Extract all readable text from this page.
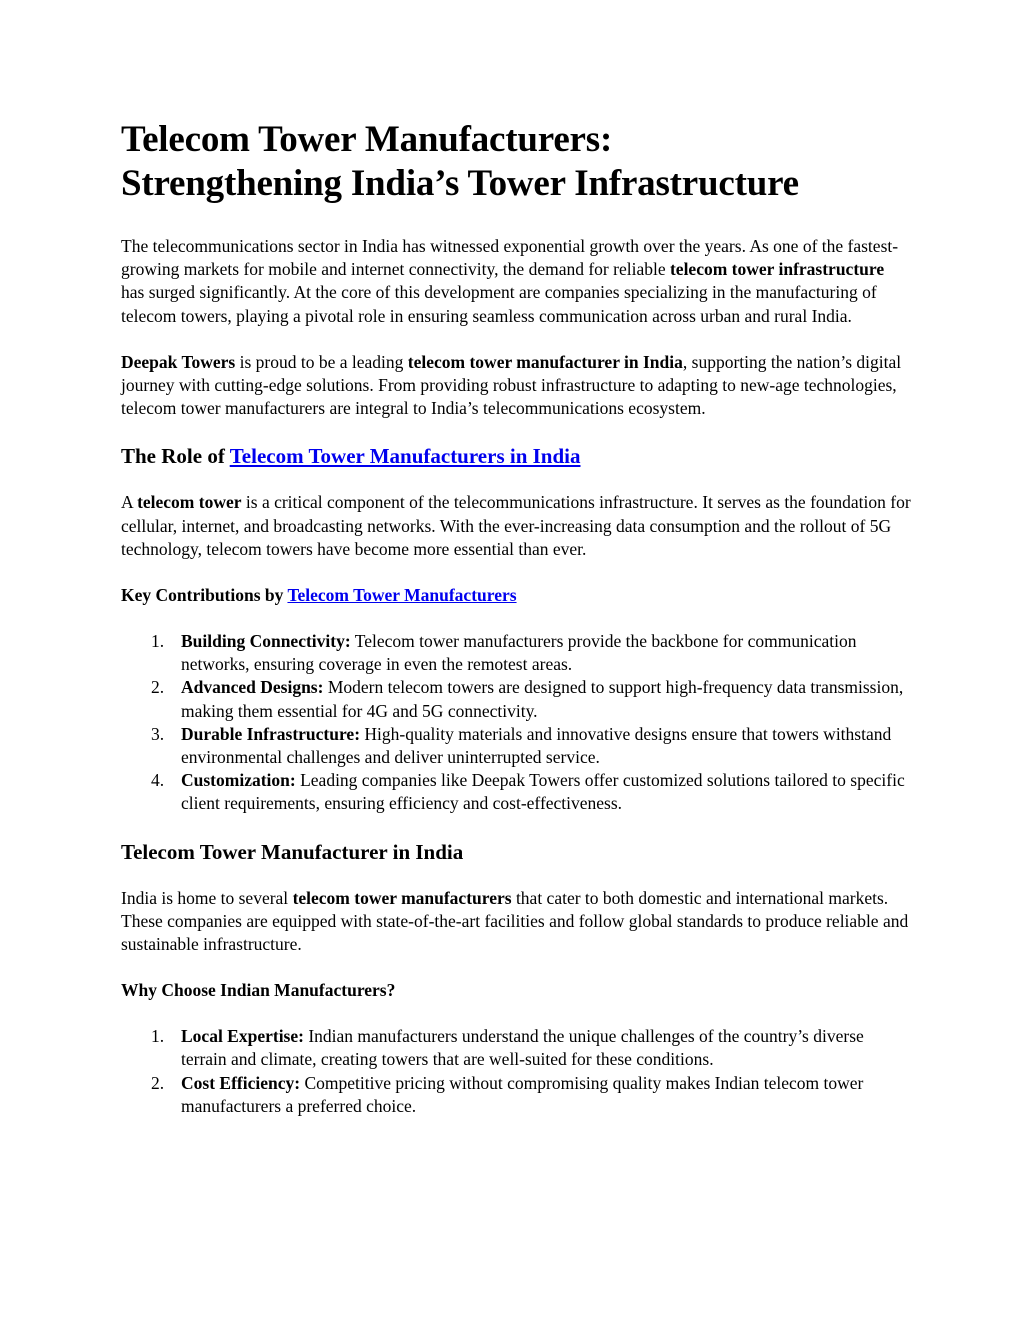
Telecom Tower Manufacturers:
Strengthening India’s Tower Infrastructure

The telecommunications sector in India has witnessed exponential growth over the years. As one of the fastest-growing markets for mobile and internet connectivity, the demand for reliable telecom tower infrastructure has surged significantly. At the core of this development are companies specializing in the manufacturing of telecom towers, playing a pivotal role in ensuring seamless communication across urban and rural India.

Deepak Towers is proud to be a leading telecom tower manufacturer in India, supporting the nation’s digital journey with cutting-edge solutions. From providing robust infrastructure to adapting to new-age technologies, telecom tower manufacturers are integral to India’s telecommunications ecosystem.

The Role of Telecom Tower Manufacturers in India

A telecom tower is a critical component of the telecommunications infrastructure. It serves as the foundation for cellular, internet, and broadcasting networks. With the ever-increasing data consumption and the rollout of 5G technology, telecom towers have become more essential than ever.

Key Contributions by Telecom Tower Manufacturers
1. Building Connectivity: Telecom tower manufacturers provide the backbone for communication networks, ensuring coverage in even the remotest areas.
2. Advanced Designs: Modern telecom towers are designed to support high-frequency data transmission, making them essential for 4G and 5G connectivity.
3. Durable Infrastructure: High-quality materials and innovative designs ensure that towers withstand environmental challenges and deliver uninterrupted service.
4. Customization: Leading companies like Deepak Towers offer customized solutions tailored to specific client requirements, ensuring efficiency and cost-effectiveness.
Telecom Tower Manufacturer in India

India is home to several telecom tower manufacturers that cater to both domestic and international markets. These companies are equipped with state-of-the-art facilities and follow global standards to produce reliable and sustainable infrastructure.

Why Choose Indian Manufacturers?
1. Local Expertise: Indian manufacturers understand the unique challenges of the country’s diverse terrain and climate, creating towers that are well-suited for these conditions.
2. Cost Efficiency: Competitive pricing without compromising quality makes Indian telecom tower manufacturers a preferred choice.
